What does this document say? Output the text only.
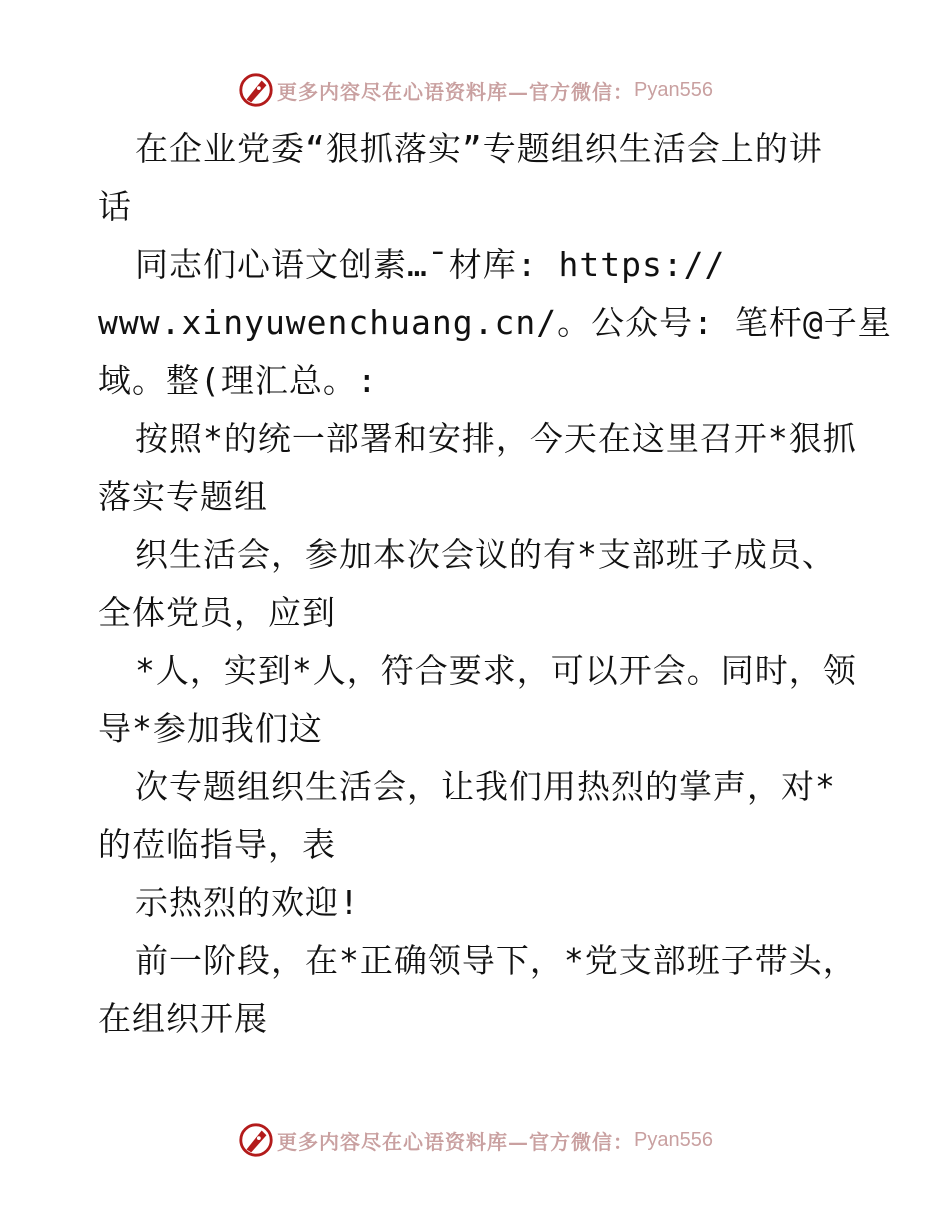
更多内容尽在心语资料库—官方微信： Pyan556
在企业党委“狠抓落实”专题组织生活会上的讲
话
同志们心语文创素…¯材库: https://
www.xinyuwenchuang.cn/。公众号: 笔杆@子星
域。整(理汇总。:
按照*的统一部署和安排，今天在这里召开*狠抓
落实专题组
织生活会，参加本次会议的有*支部班子成员、
全体党员，应到
*人，实到*人，符合要求，可以开会。同时，领
导*参加我们这
次专题组织生活会，让我们用热烈的掌声，对*
的莅临指导，表
示热烈的欢迎!
前一阶段，在*正确领导下，*党支部班子带头，
在组织开展
更多内容尽在心语资料库—官方微信： Pyan556
